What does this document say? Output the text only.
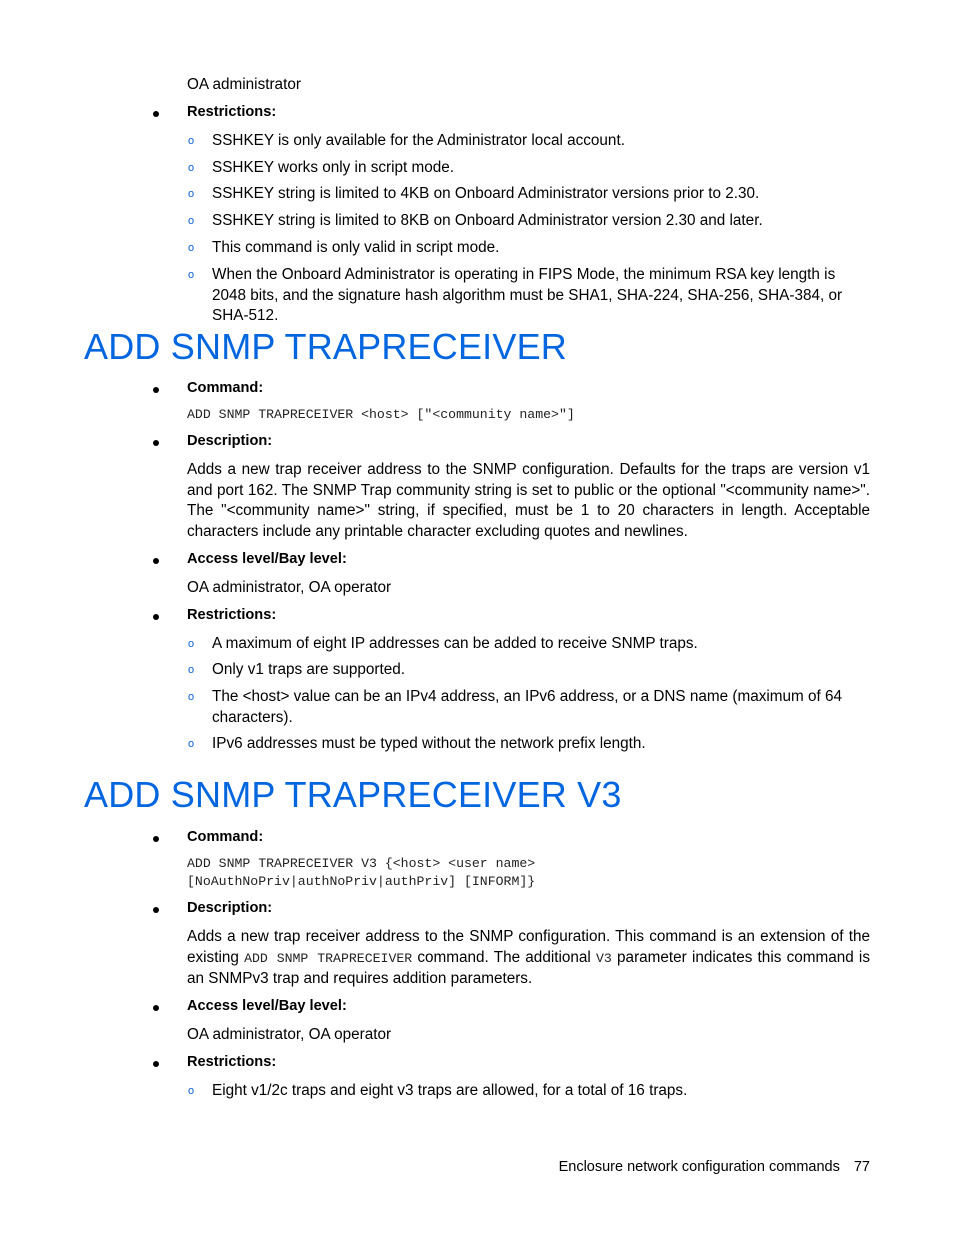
OA administrator

Restrictions:
o SSHKEY is only available for the Administrator local account.

o SSHKEY works only in script mode.

o SSHKEY string is limited to 4KB on Onboard Administrator versions prior to 2.30.

o SSHKEY string is limited to 8KB on Onboard Administrator version 2.30 and later.

o This command is only valid in script mode.

o When the Onboard Administrator is operating in FIPS Mode, the minimum RSA key length is 2048 bits, and the signature hash algorithm must be SHA1, SHA-224, SHA-256, SHA-384, or SHA-512.

ADD SNMP TRAPRECEIVER
Command:

ADD SNMP TRAPRECEIVER <host> ["<community name>"]

Description:

Adds a new trap receiver address to the SNMP configuration. Defaults for the traps are version v1 and port 162. The SNMP Trap community string is set to public or the optional "<community name>". The "<community name>" string, if specified, must be 1 to 20 characters in length. Acceptable characters include any printable character excluding quotes and newlines.

Access level/Bay level:

OA administrator, OA operator

Restrictions:
o A maximum of eight IP addresses can be added to receive SNMP traps.

o Only v1 traps are supported.

o The <host> value can be an IPv4 address, an IPv6 address, or a DNS name (maximum of 64 characters).

o IPv6 addresses must be typed without the network prefix length.

ADD SNMP TRAPRECEIVER V3
Command:

ADD SNMP TRAPRECEIVER V3 {<host> <user name>

[NoAuthNoPriv|authNoPriv|authPriv] [INFORM]}

Description:

Adds a new trap receiver address to the SNMP configuration. This command is an extension of the existing ADD SNMP TRAPRECEIVER command. The additional V3 parameter indicates this command is an SNMPv3 trap and requires addition parameters.

Access level/Bay level:

OA administrator, OA operator

Restrictions:
o Eight v1/2c traps and eight v3 traps are allowed, for a total of 16 traps.

Enclosure network configuration commands 77
